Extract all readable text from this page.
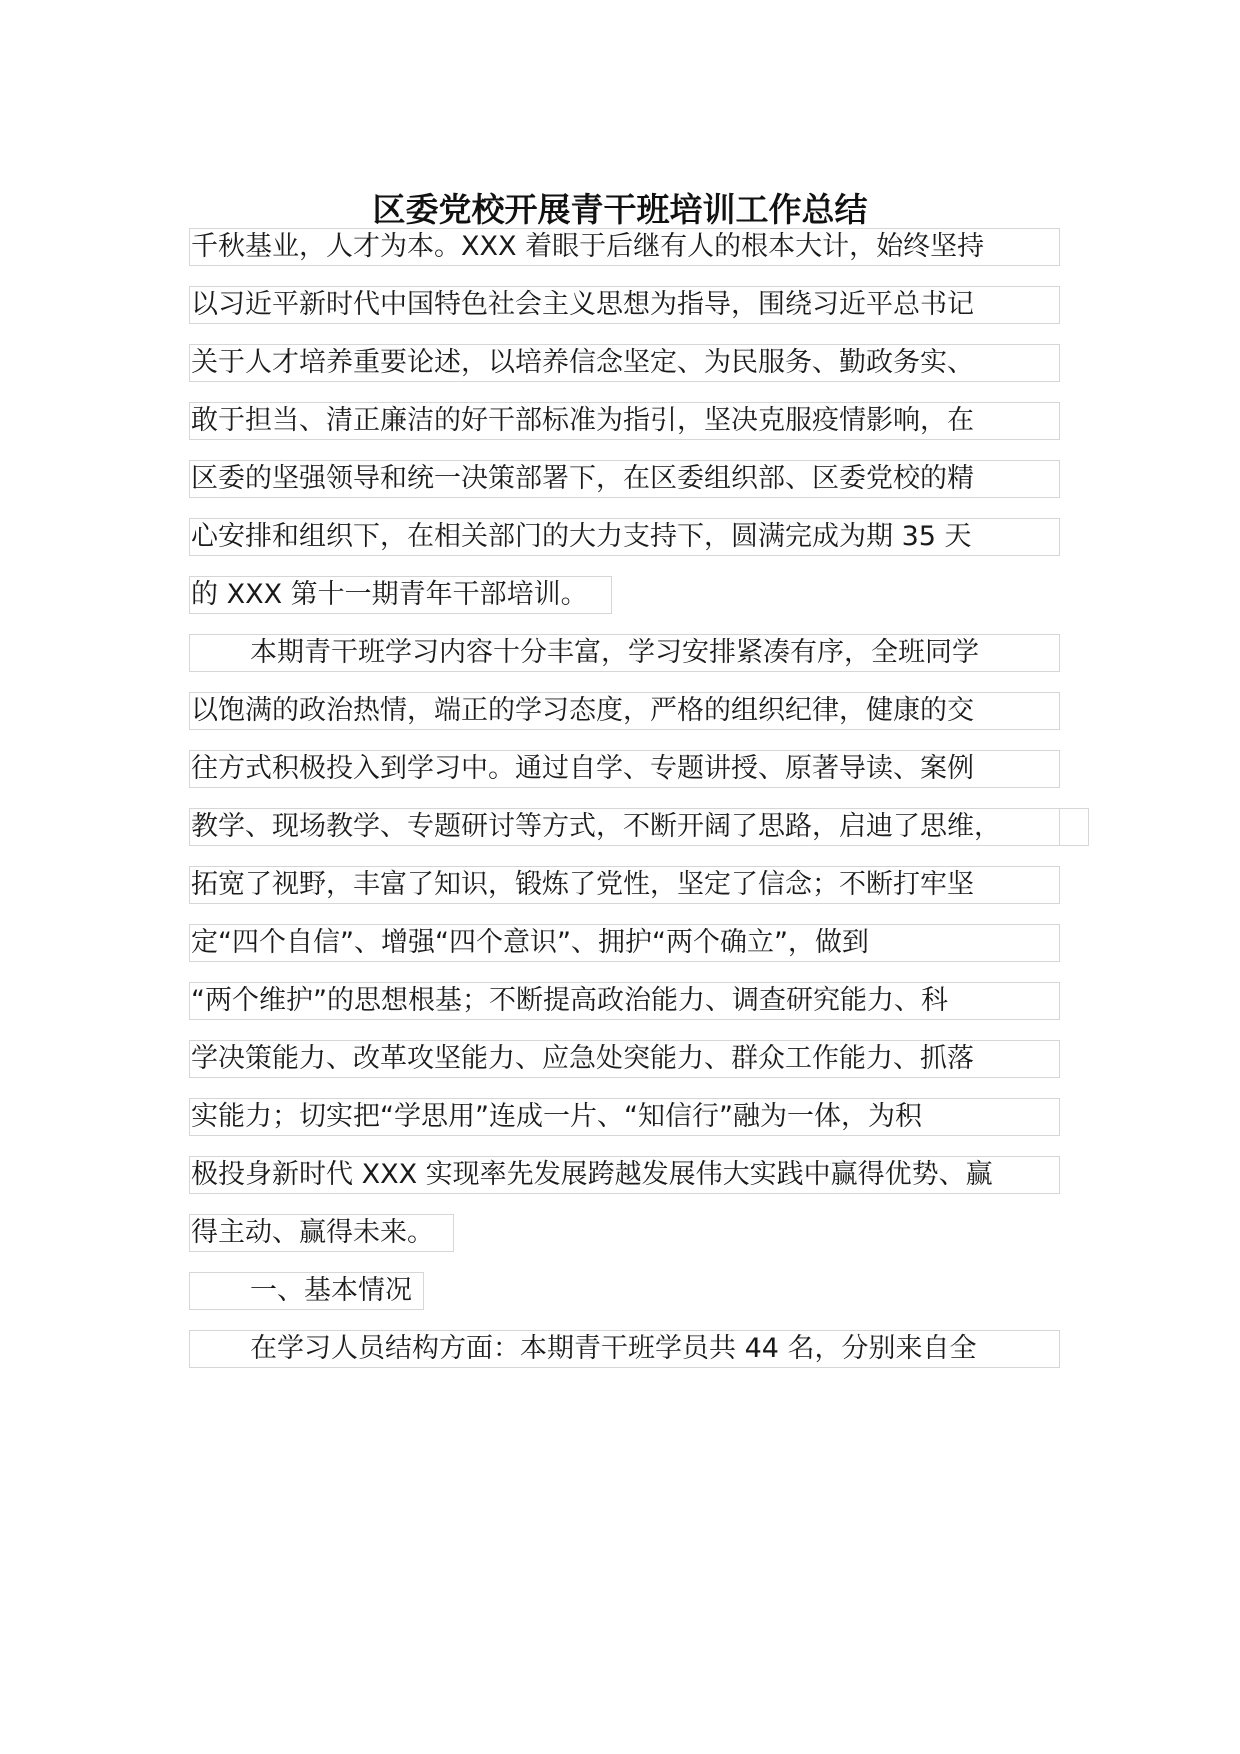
区委党校开展青干班培训工作总结
千秋基业，人才为本。XXX 着眼于后继有人的根本大计，始终坚持
以习近平新时代中国特色社会主义思想为指导，围绕习近平总书记
关于人才培养重要论述，以培养信念坚定、为民服务、勤政务实、
敢于担当、清正廉洁的好干部标准为指引，坚决克服疫情影响，在
区委的坚强领导和统一决策部署下，在区委组织部、区委党校的精
心安排和组织下，在相关部门的大力支持下，圆满完成为期 35 天
的 XXX 第十一期青年干部培训。
本期青干班学习内容十分丰富，学习安排紧凑有序，全班同学
以饱满的政治热情，端正的学习态度，严格的组织纪律，健康的交
往方式积极投入到学习中。通过自学、专题讲授、原著导读、案例
教学、现场教学、专题研讨等方式，不断开阔了思路，启迪了思维，
拓宽了视野，丰富了知识，锻炼了党性，坚定了信念；不断打牢坚
定“四个自信”、增强“四个意识”、拥护“两个确立”，做到
“两个维护”的思想根基；不断提高政治能力、调查研究能力、科
学决策能力、改革攻坚能力、应急处突能力、群众工作能力、抓落
实能力；切实把“学思用”连成一片、“知信行”融为一体，为积
极投身新时代 XXX 实现率先发展跨越发展伟大实践中赢得优势、赢
得主动、赢得未来。
一、基本情况
在学习人员结构方面：本期青干班学员共 44 名，分别来自全
